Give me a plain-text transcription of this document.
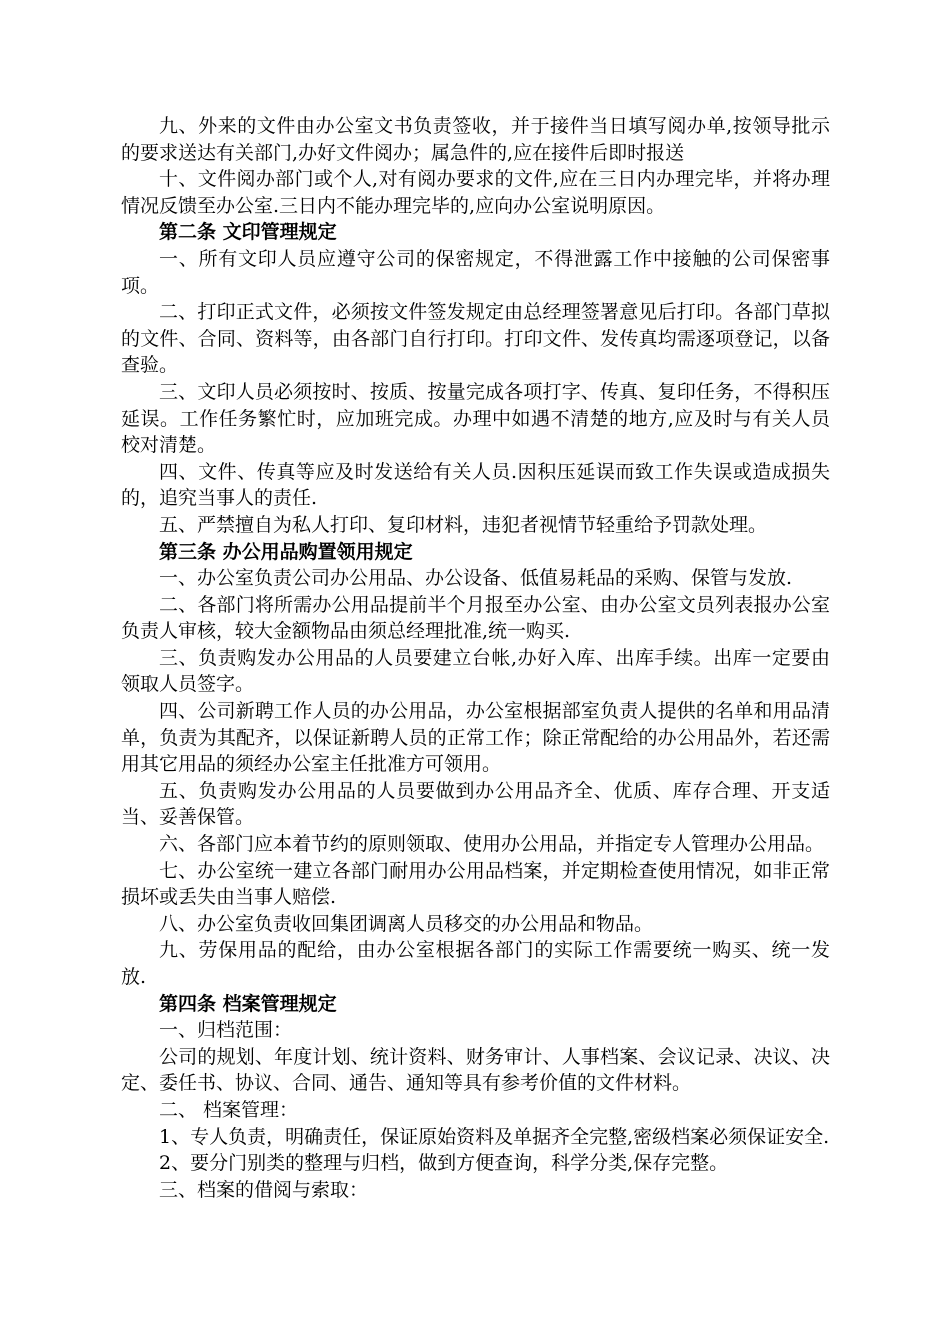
九、外来的文件由办公室文书负责签收，并于接件当日填写阅办单,按领导批示的要求送达有关部门,办好文件阅办；属急件的,应在接件后即时报送

十、文件阅办部门或个人,对有阅办要求的文件,应在三日内办理完毕，并将办理情况反馈至办公室.三日内不能办理完毕的,应向办公室说明原因。

第二条 文印管理规定

一、所有文印人员应遵守公司的保密规定，不得泄露工作中接触的公司保密事项。

二、打印正式文件，必须按文件签发规定由总经理签署意见后打印。各部门草拟的文件、合同、资料等，由各部门自行打印。打印文件、发传真均需逐项登记，以备查验。

三、文印人员必须按时、按质、按量完成各项打字、传真、复印任务，不得积压延误。工作任务繁忙时，应加班完成。办理中如遇不清楚的地方,应及时与有关人员校对清楚。

四、文件、传真等应及时发送给有关人员.因积压延误而致工作失误或造成损失的，追究当事人的责任.

五、严禁擅自为私人打印、复印材料，违犯者视情节轻重给予罚款处理。

第三条 办公用品购置领用规定

一、办公室负责公司办公用品、办公设备、低值易耗品的采购、保管与发放.

二、各部门将所需办公用品提前半个月报至办公室、由办公室文员列表报办公室负责人审核，较大金额物品由须总经理批准,统一购买.

三、负责购发办公用品的人员要建立台帐,办好入库、出库手续。出库一定要由领取人员签字。

四、公司新聘工作人员的办公用品，办公室根据部室负责人提供的名单和用品清单，负责为其配齐，以保证新聘人员的正常工作；除正常配给的办公用品外，若还需用其它用品的须经办公室主任批准方可领用。

五、负责购发办公用品的人员要做到办公用品齐全、优质、库存合理、开支适当、妥善保管。

六、各部门应本着节约的原则领取、使用办公用品，并指定专人管理办公用品。

七、办公室统一建立各部门耐用办公用品档案，并定期检查使用情况，如非正常损坏或丢失由当事人赔偿.

八、办公室负责收回集团调离人员移交的办公用品和物品。

九、劳保用品的配给，由办公室根据各部门的实际工作需要统一购买、统一发放.

第四条 档案管理规定

一、归档范围：

公司的规划、年度计划、统计资料、财务审计、人事档案、会议记录、决议、决定、委任书、协议、合同、通告、通知等具有参考价值的文件材料。

二、 档案管理：

1、专人负责，明确责任，保证原始资料及单据齐全完整,密级档案必须保证安全.

2、要分门别类的整理与归档，做到方便查询，科学分类,保存完整。

三、档案的借阅与索取：
